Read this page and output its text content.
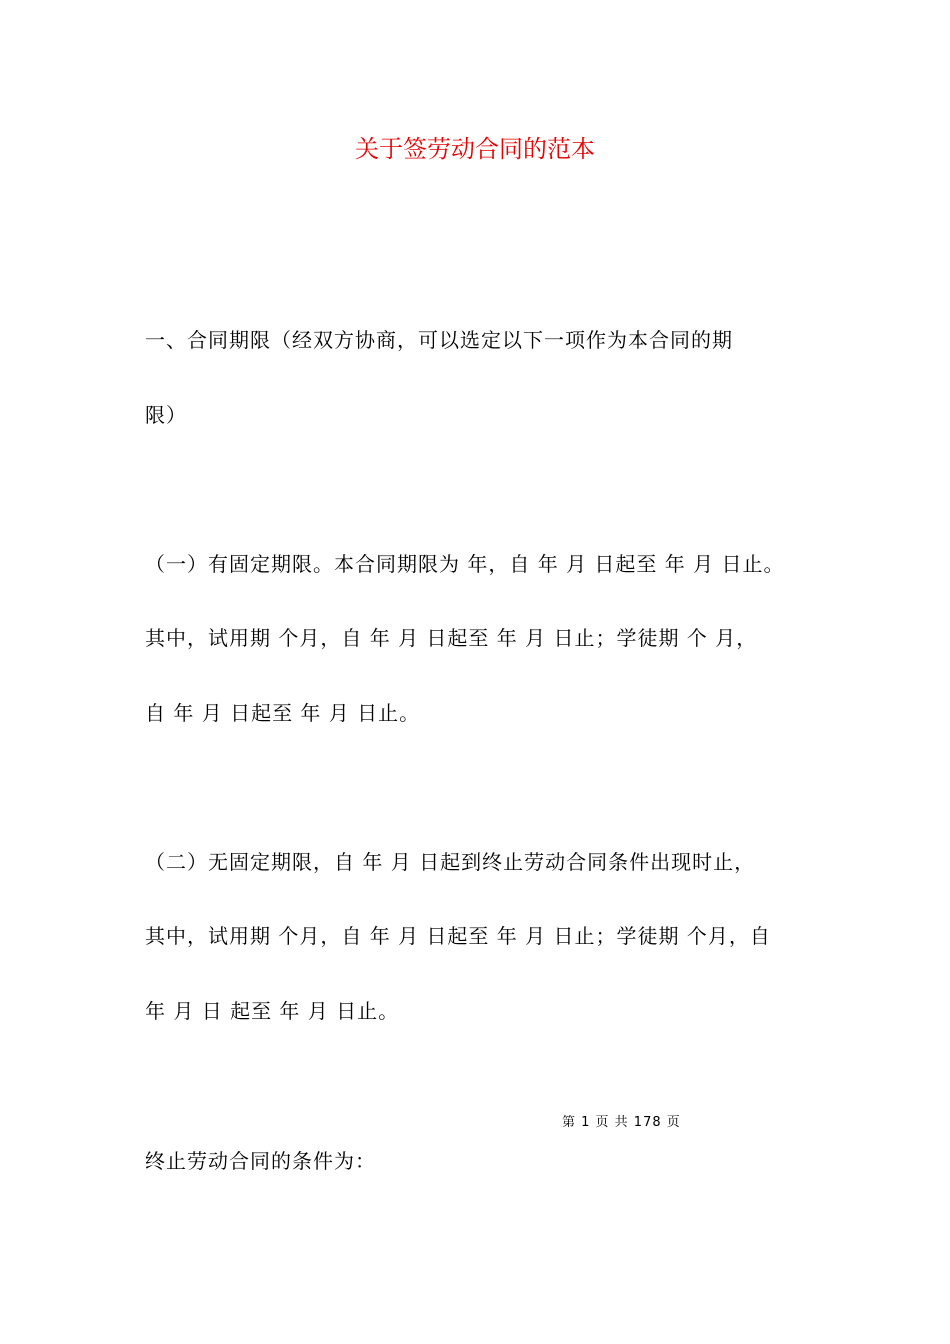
关于签劳动合同的范本
一、合同期限（经双方协商，可以选定以下一项作为本合同的期
限）
（一）有固定期限。本合同期限为 年，自 年 月 日起至 年 月 日止。
其中，试用期 个月，自 年 月 日起至 年 月 日止；学徒期 个 月，
自 年 月 日起至 年 月 日止。
（二）无固定期限，自 年 月 日起到终止劳动合同条件出现时止，
其中，试用期 个月，自 年 月 日起至 年 月 日止；学徒期 个月，自
年 月 日 起至 年 月 日止。
第 1 页 共 178 页
终止劳动合同的条件为：
